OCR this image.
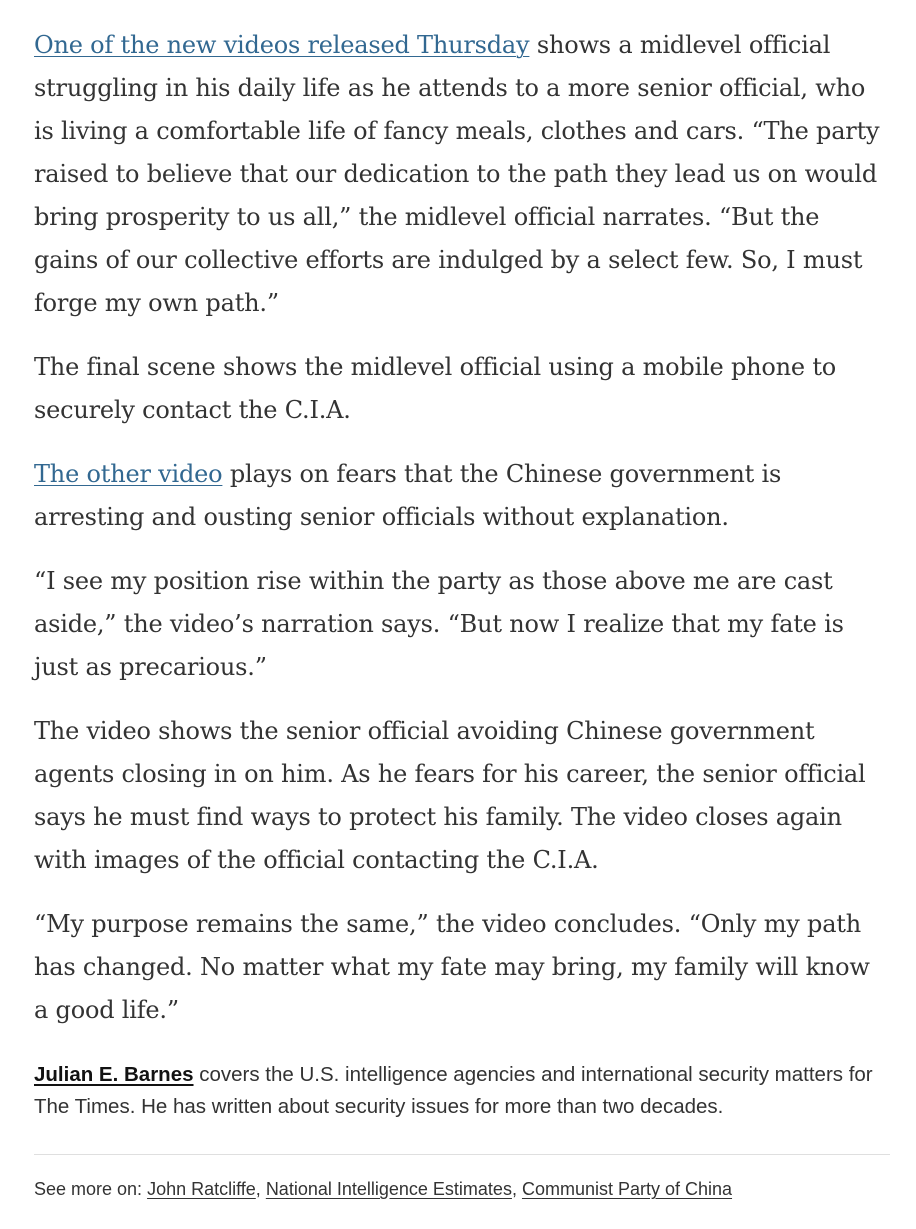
One of the new videos released Thursday shows a midlevel official struggling in his daily life as he attends to a more senior official, who is living a comfortable life of fancy meals, clothes and cars. “The party raised to believe that our dedication to the path they lead us on would bring prosperity to us all,” the midlevel official narrates. “But the gains of our collective efforts are indulged by a select few. So, I must forge my own path.”

The final scene shows the midlevel official using a mobile phone to securely contact the C.I.A.

The other video plays on fears that the Chinese government is arresting and ousting senior officials without explanation.

“I see my position rise within the party as those above me are cast aside,” the video’s narration says. “But now I realize that my fate is just as precarious.”

The video shows the senior official avoiding Chinese government agents closing in on him. As he fears for his career, the senior official says he must find ways to protect his family. The video closes again with images of the official contacting the C.I.A.

“My purpose remains the same,” the video concludes. “Only my path has changed. No matter what my fate may bring, my family will know a good life.”

Julian E. Barnes covers the U.S. intelligence agencies and international security matters for The Times. He has written about security issues for more than two decades.
See more on: John Ratcliffe, National Intelligence Estimates, Communist Party of China
